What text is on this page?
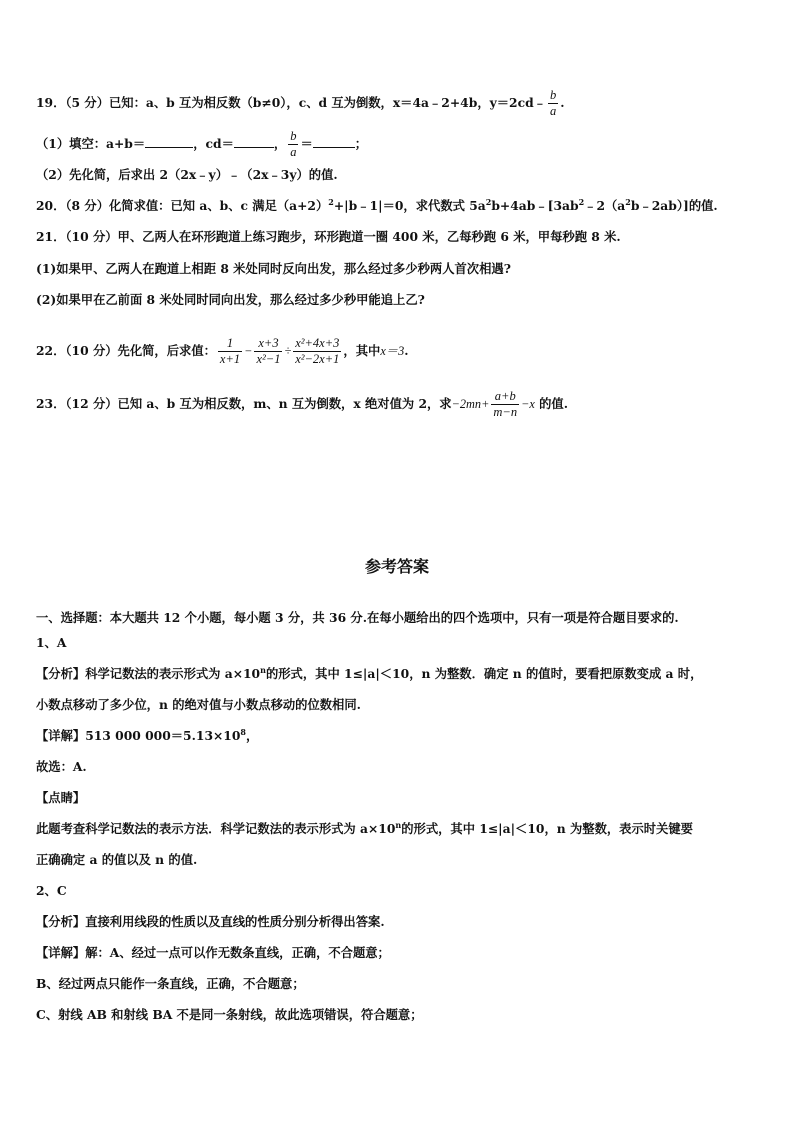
19．（5 分）已知：a、b 互为相反数（b≠0），c、d 互为倒数，x＝4a﹣2+4b，y＝2cd﹣ $\frac{b}{a}$ .
（1）填空：a+b＝	，cd＝	， $\frac{b}{a}$ ＝	；
（2）先化简，后求出 2（2x﹣y）﹣（2x﹣3y）的值.
20．（8 分）化简求值：已知 a、b、c 满足$(a+2)^2+|b﹣1|=0$，求代数式 $5a^2b+4ab﹣[3ab^2﹣2(a^2b﹣2ab)]$的值.
21．（10 分）甲、乙两人在环形跑道上练习跑步，环形跑道一圈 400 米，乙每秒跑 6 米，甲每秒跑 8 米.
(1)如果甲、乙两人在跑道上相距 8 米处同时反向出发，那么经过多少秒两人首次相遇?
(2)如果甲在乙前面 8 米处同时同向出发，那么经过多少秒甲能追上乙?
22．（10 分）先化简，后求值： $\frac{1}{x+1} - \frac{x+3}{\text{x²−1}} \div \frac{\text{x²+4x+3}}{\text{x²−2x+1}}$ ，其中x＝3.
23．（12 分）已知 a、b 互为相反数，m、n 互为倒数，x 绝对值为 2，求$-2mn+ \frac{a+b}{m-n} -x$ 的值.
参考答案
一、选择题：本大题共 12 个小题，每小题 3 分，共 36 分.在每小题给出的四个选项中，只有一项是符合题目要求的.
1、A
【分析】科学记数法的表示形式为 $a\times 10^n$的形式，其中 1≤|a|＜10，n 为整数．确定 n 的值时，要看把原数变成 a 时，
小数点移动了多少位，n 的绝对值与小数点移动的位数相同.
【详解】513 000 $000=5.13\times 10^8$，
故选：A.
【点睛】
此题考查科学记数法的表示方法．科学记数法的表示形式为 $a\times 10^n$的形式，其中 1≤|a|＜10，n 为整数，表示时关键要
正确确定 a 的值以及 n 的值.
2、C
【分析】直接利用线段的性质以及直线的性质分别分析得出答案.
【详解】解：A、经过一点可以作无数条直线，正确，不合题意；
B、经过两点只能作一条直线，正确，不合题意；
C、射线 AB 和射线 BA 不是同一条射线，故此选项错误，符合题意；
